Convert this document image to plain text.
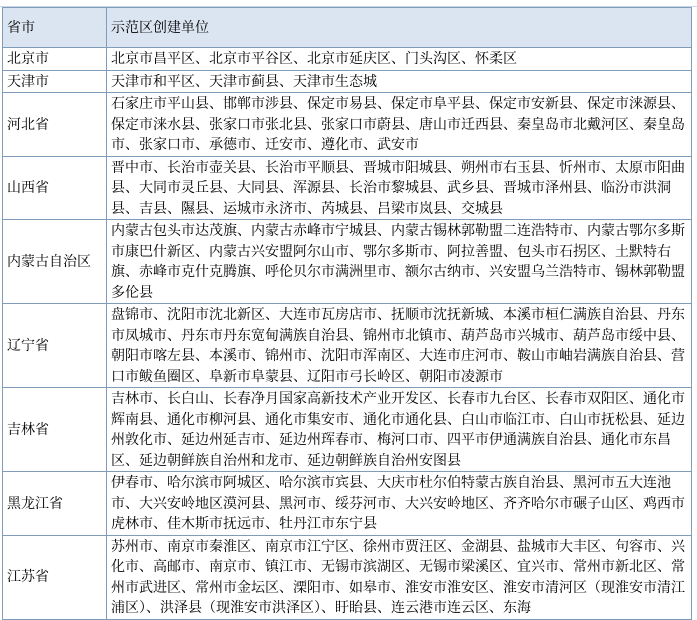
省市	示范区创建单位
北京市	北京市昌平区、北京市平谷区、北京市延庆区、门头沟区、怀柔区
天津市	天津市和平区、天津市蓟县、天津市生态城
河北省	石家庄市平山县、邯郸市涉县、保定市易县、保定市阜平县、保定市安新县、保定市涞源县、保定市涞水县、张家口市张北县、张家口市蔚县、唐山市迁西县、秦皇岛市北戴河区、秦皇岛市、张家口市、承德市、迁安市、遵化市、武安市
山西省	晋中市、长治市壶关县、长治市平顺县、晋城市阳城县、朔州市右玉县、忻州市、太原市阳曲县、大同市灵丘县、大同县、浑源县、长治市黎城县、武乡县、晋城市泽州县、临汾市洪洞县、吉县、隰县、运城市永济市、芮城县、吕梁市岚县、交城县
内蒙古自治区	内蒙古包头市达茂旗、内蒙古赤峰市宁城县、内蒙古锡林郭勒盟二连浩特市、内蒙古鄂尔多斯市康巴什新区、内蒙古兴安盟阿尔山市、鄂尔多斯市、阿拉善盟、包头市石拐区、土默特右旗、赤峰市克什克腾旗、呼伦贝尔市满洲里市、额尔古纳市、兴安盟乌兰浩特市、锡林郭勒盟多伦县
辽宁省	盘锦市、沈阳市沈北新区、大连市瓦房店市、抚顺市沈抚新城、本溪市桓仁满族自治县、丹东市凤城市、丹东市丹东宽甸满族自治县、锦州市北镇市、葫芦岛市兴城市、葫芦岛市绥中县、朝阳市喀左县、本溪市、锦州市、沈阳市浑南区、大连市庄河市、鞍山市岫岩满族自治县、营口市鲅鱼圈区、阜新市阜蒙县、辽阳市弓长岭区、朝阳市凌源市
吉林省	吉林市、长白山、长春净月国家高新技术产业开发区、长春市九台区、长春市双阳区、通化市辉南县、通化市柳河县、通化市集安市、通化市通化县、白山市临江市、白山市抚松县、延边州敦化市、延边州延吉市、延边州珲春市、梅河口市、四平市伊通满族自治县、通化市东昌区、延边朝鲜族自治州和龙市、延边朝鲜族自治州安图县
黑龙江省	伊春市、哈尔滨市阿城区、哈尔滨市宾县、大庆市杜尔伯特蒙古族自治县、黑河市五大连池市、大兴安岭地区漠河县、黑河市、绥芬河市、大兴安岭地区、齐齐哈尔市碾子山区、鸡西市虎林市、佳木斯市抚远市、牡丹江市东宁县
江苏省	苏州市、南京市秦淮区、南京市江宁区、徐州市贾汪区、金湖县、盐城市大丰区、句容市、兴化市、高邮市、南京市、镇江市、无锡市滨湖区、无锡市梁溪区、宜兴市、常州市新北区、常州市武进区、常州市金坛区、溧阳市、如皋市、淮安市淮安区、淮安市清河区（现淮安市清江浦区）、洪泽县（现淮安市洪泽区）、盱眙县、连云港市连云区、东海
